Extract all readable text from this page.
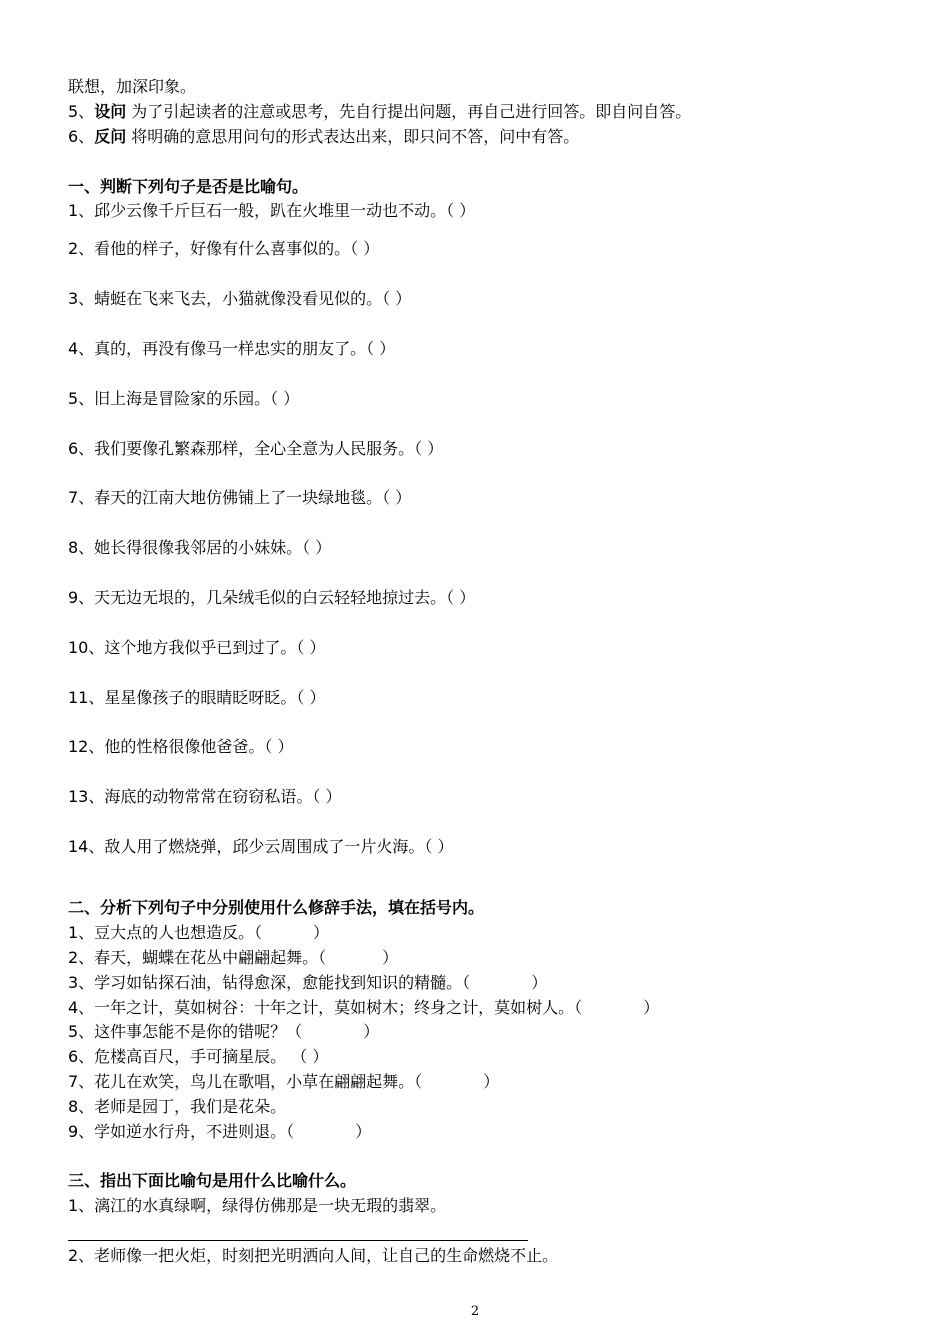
联想，加深印象。
5、设问 为了引起读者的注意或思考，先自行提出问题，再自己进行回答。即自问自答。
6、反问 将明确的意思用问句的形式表达出来，即只问不答，问中有答。
一、判断下列句子是否是比喻句。
1、邱少云像千斤巨石一般，趴在火堆里一动也不动。（ ）
2、看他的样子，好像有什么喜事似的。（ ）
3、蜻蜓在飞来飞去，小猫就像没看见似的。（ ）
4、真的，再没有像马一样忠实的朋友了。（ ）
5、旧上海是冒险家的乐园。（ ）
6、我们要像孔繁森那样，全心全意为人民服务。（ ）
7、春天的江南大地仿佛铺上了一块绿地毯。（ ）
8、她长得很像我邻居的小妹妹。（ ）
9、天无边无垠的，几朵绒毛似的白云轻轻地掠过去。（ ）
10、这个地方我似乎已到过了。（ ）
11、星星像孩子的眼睛眨呀眨。（ ）
12、他的性格很像他爸爸。（ ）
13、海底的动物常常在窃窃私语。（ ）
14、敌人用了燃烧弹，邱少云周围成了一片火海。（ ）
二、分析下列句子中分别使用什么修辞手法，填在括号内。
1、豆大点的人也想造反。（          ）
2、春天，蝴蝶在花丛中翩翩起舞。（           ）
3、学习如钻探石油，钻得愈深，愈能找到知识的精髓。（            ）
4、一年之计，莫如树谷：十年之计，莫如树木；终身之计，莫如树人。（            ）
5、这件事怎能不是你的错呢？（            ）
6、危楼高百尺，手可摘星辰。 （ ）
7、花儿在欢笑，鸟儿在歌唱，小草在翩翩起舞。（            ）
8、老师是园丁，我们是花朵。
9、学如逆水行舟，不进则退。（            ）
三、指出下面比喻句是用什么比喻什么。
1、漓江的水真绿啊，绿得仿佛那是一块无瑕的翡翠。
2、老师像一把火炬，时刻把光明洒向人间，让自己的生命燃烧不止。
2
